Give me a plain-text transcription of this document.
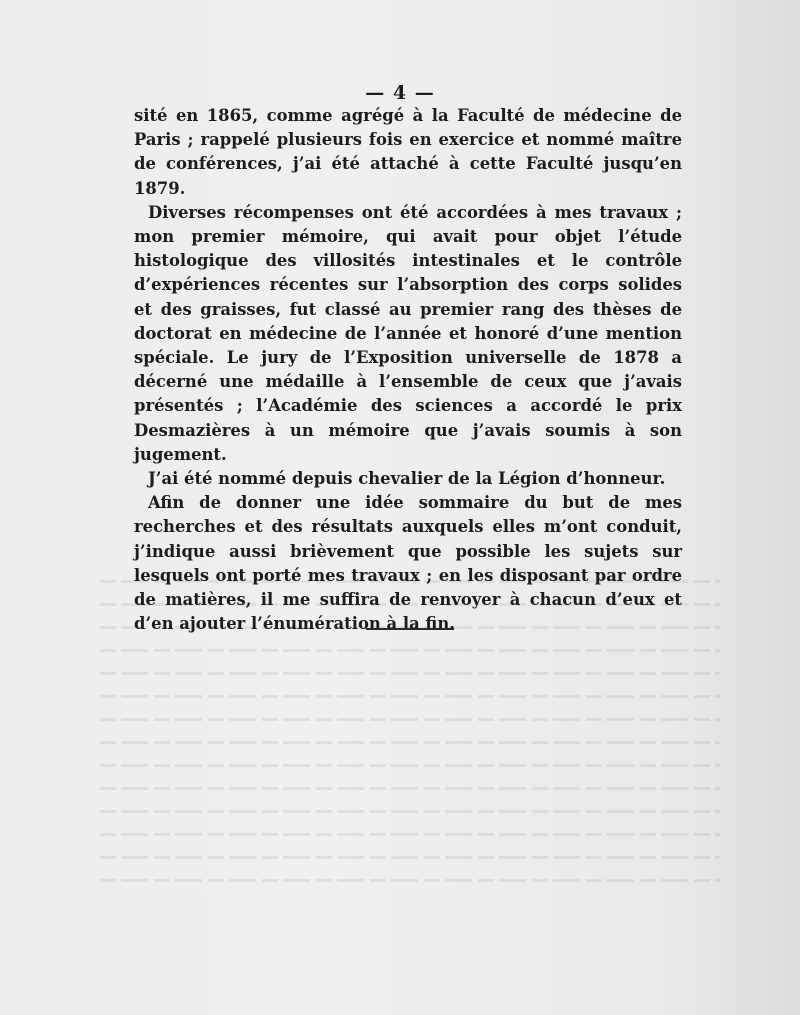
— 4 —

sité en 1865, comme agrégé à la Faculté de médecine de Paris ; rappelé plusieurs fois en exercice et nommé maître de conférences, j’ai été attaché à cette Faculté jusqu’en 1879.

Diverses récompenses ont été accordées à mes travaux ; mon premier mémoire, qui avait pour objet l’étude histologique des villosités intestinales et le contrôle d’expériences récentes sur l’absorption des corps solides et des graisses, fut classé au premier rang des thèses de doctorat en médecine de l’année et honoré d’une mention spéciale. Le jury de l’Exposition universelle de 1878 a décerné une médaille à l’ensemble de ceux que j’avais présentés ; l’Académie des sciences a accordé le prix Desmazières à un mémoire que j’avais soumis à son jugement.

J’ai été nommé depuis chevalier de la Légion d’honneur.

Afin de donner une idée sommaire du but de mes recherches et des résultats auxquels elles m’ont conduit, j’indique aussi brièvement que possible les sujets sur lesquels ont porté mes travaux ; en les disposant par ordre de matières, il me suffira de renvoyer à chacun d’eux et d’en ajouter l’énumération à la fin.
